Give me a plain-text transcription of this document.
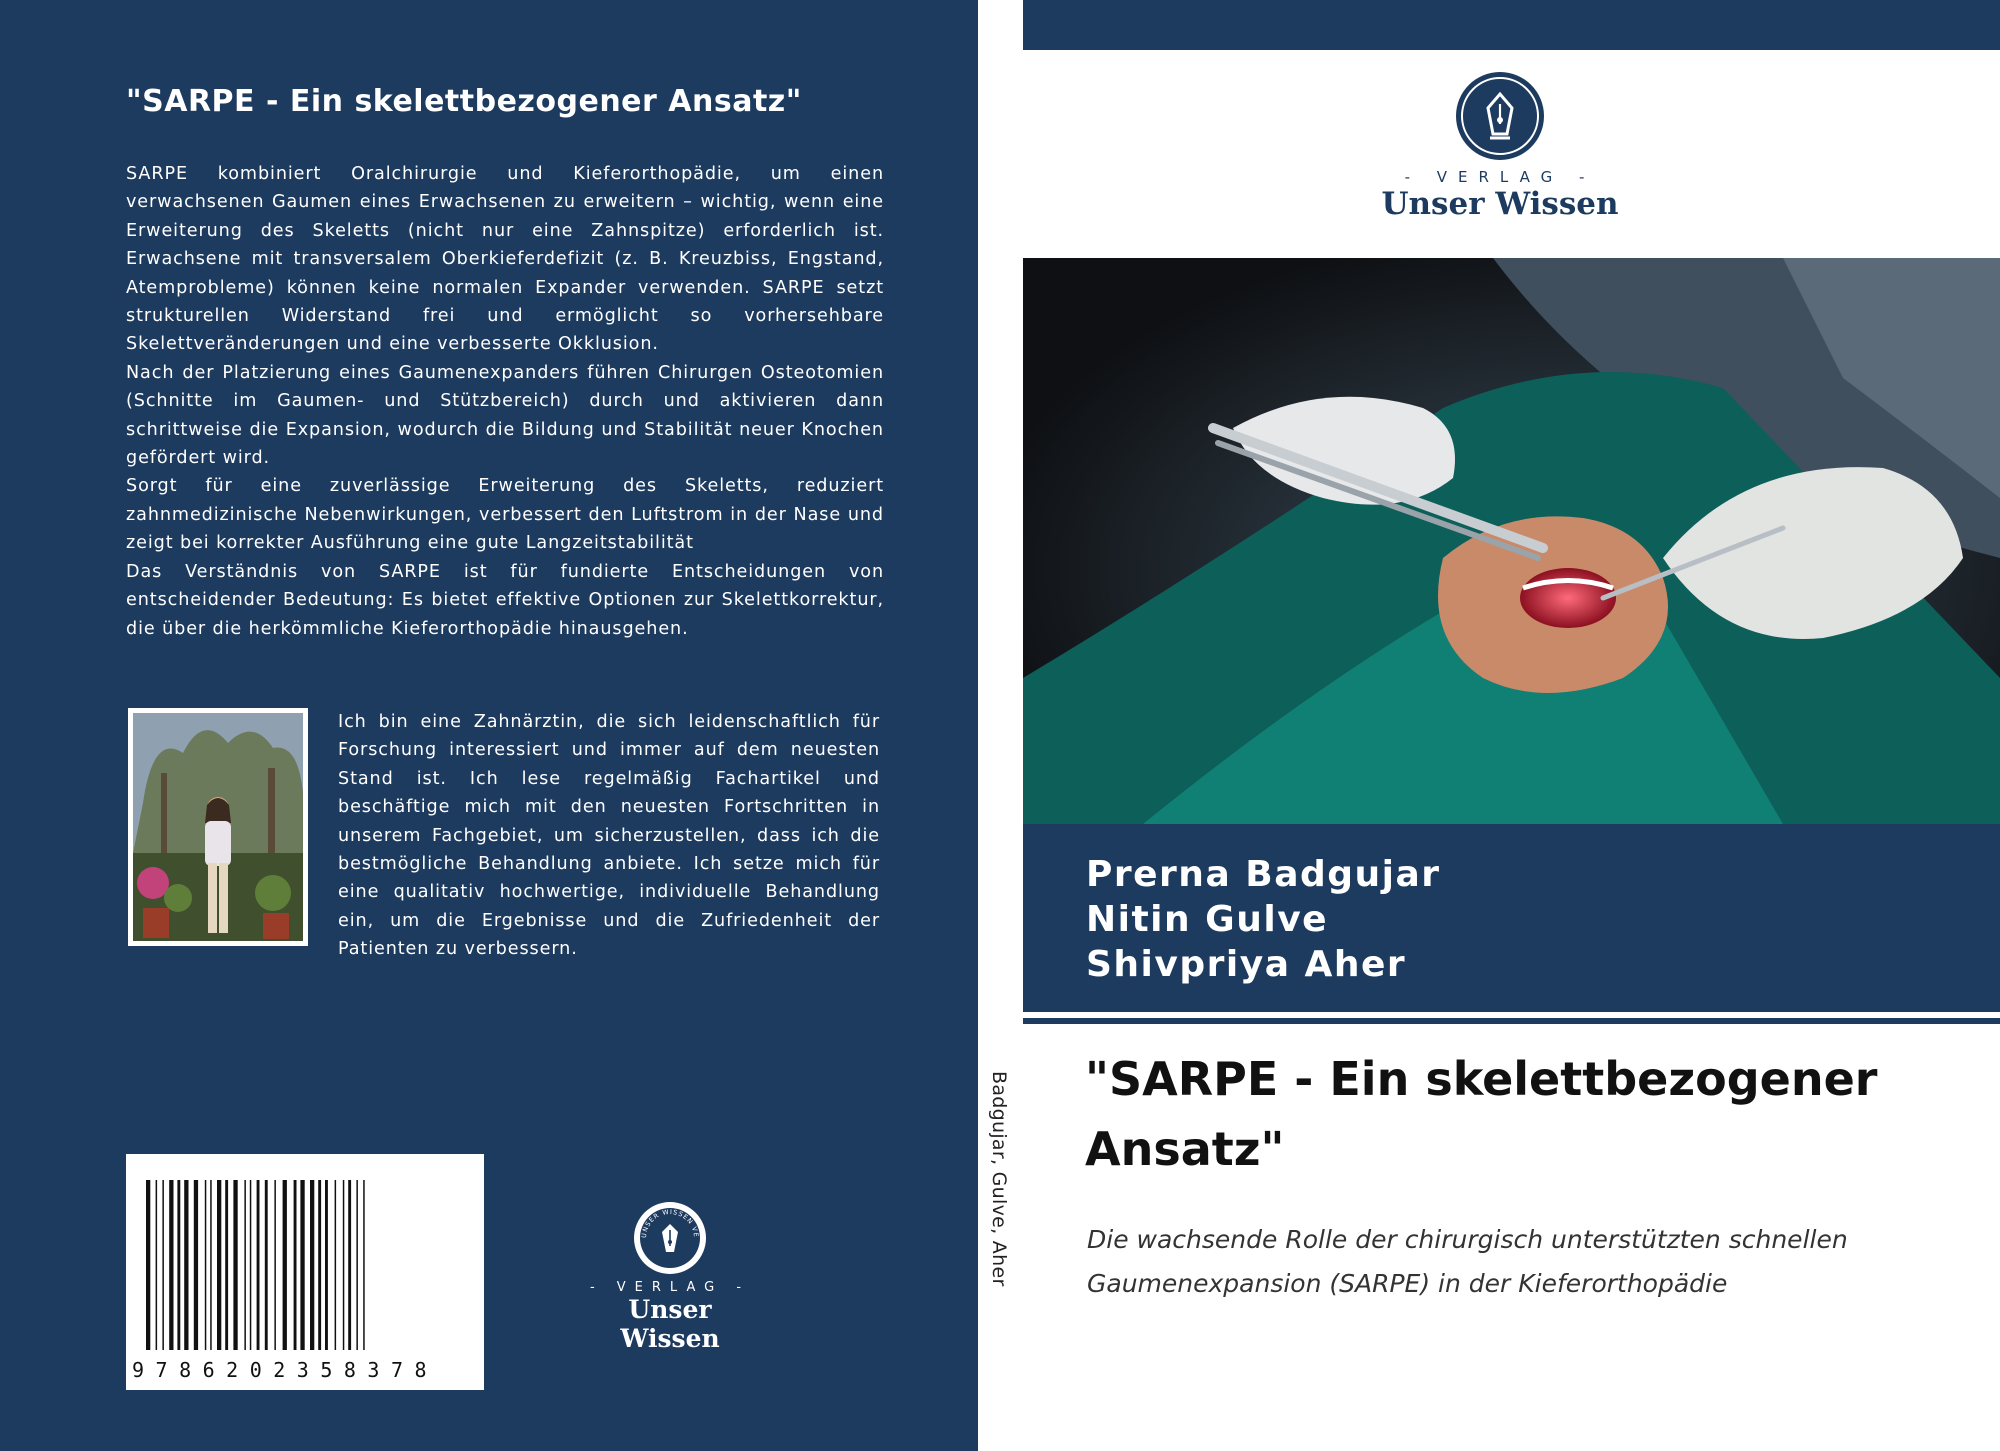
"SARPE - Ein skelettbezogener Ansatz"

SARPE kombiniert Oralchirurgie und Kieferorthopädie, um einen verwachsenen Gaumen eines Erwachsenen zu erweitern – wichtig, wenn eine Erweiterung des Skeletts (nicht nur eine Zahnspitze) erforderlich ist. Erwachsene mit transversalem Oberkieferdefizit (z. B. Kreuzbiss, Engstand, Atemprobleme) können keine normalen Expander verwenden. SARPE setzt strukturellen Widerstand frei und ermöglicht so vorhersehbare Skelettveränderungen und eine verbesserte Okklusion.

Nach der Platzierung eines Gaumenexpanders führen Chirurgen Osteotomien (Schnitte im Gaumen- und Stützbereich) durch und aktivieren dann schrittweise die Expansion, wodurch die Bildung und Stabilität neuer Knochen gefördert wird.

Sorgt für eine zuverlässige Erweiterung des Skeletts, reduziert zahnmedizinische Nebenwirkungen, verbessert den Luftstrom in der Nase und zeigt bei korrekter Ausführung eine gute Langzeitstabilität

Das Verständnis von SARPE ist für fundierte Entscheidungen von entscheidender Bedeutung: Es bietet effektive Optionen zur Skelettkorrektur, die über die herkömmliche Kieferorthopädie hinausgehen.

Ich bin eine Zahnärztin, die sich leidenschaftlich für Forschung interessiert und immer auf dem neuesten Stand ist. Ich lese regelmäßig Fachartikel und beschäftige mich mit den neuesten Fortschritten in unserem Fachgebiet, um sicherzustellen, dass ich die bestmögliche Behandlung anbiete. Ich setze mich für eine qualitativ hochwertige, individuelle Behandlung ein, um die Ergebnisse und die Zufriedenheit der Patienten zu verbessern.
9786202358378
UNSER WISSEN VE
- VERLAG -
Unser Wissen
Badgujar, Gulve, Aher
- VERLAG -
Unser Wissen
Prerna Badgujar
Nitin Gulve
Shivpriya Aher
"SARPE - Ein skelettbezogener Ansatz"
Die wachsende Rolle der chirurgisch unterstützten schnellen Gaumenexpansion (SARPE) in der Kieferorthopädie
